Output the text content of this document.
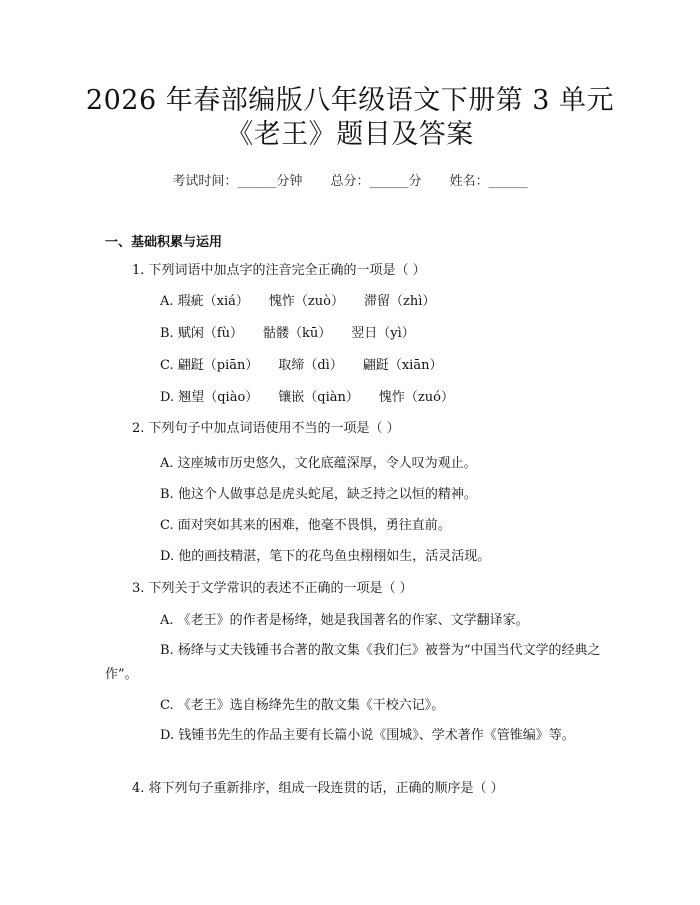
2026 年春部编版八年级语文下册第 3 单元
《老王》题目及答案
考试时间：______分钟 总分：______分 姓名：______
一、基础积累与运用
1. 下列词语中加点字的注音完全正确的一项是（ ）
A. 瑕疵（xiá） 愧怍（zuò） 滞留（zhì）
B. 赋闲（fù） 骷髅（kū） 翌日（yì）
C. 翩跹（piān） 取缔（dì） 翩跹（xiān）
D. 翘望（qiào） 镶嵌（qiàn） 愧怍（zuó）
2. 下列句子中加点词语使用不当的一项是（ ）
A. 这座城市历史悠久，文化底蕴深厚，令人叹为观止。
B. 他这个人做事总是虎头蛇尾，缺乏持之以恒的精神。
C. 面对突如其来的困难，他毫不畏惧，勇往直前。
D. 他的画技精湛，笔下的花鸟鱼虫栩栩如生，活灵活现。
3. 下列关于文学常识的表述不正确的一项是（ ）
A. 《老王》的作者是杨绛，她是我国著名的作家、文学翻译家。
B. 杨绛与丈夫钱锺书合著的散文集《我们仨》被誉为“中国当代文学的经典之作”。
C. 《老王》选自杨绛先生的散文集《干校六记》。
D. 钱锺书先生的作品主要有长篇小说《围城》、学术著作《管锥编》等。
4. 将下列句子重新排序，组成一段连贯的话，正确的顺序是（ ）
